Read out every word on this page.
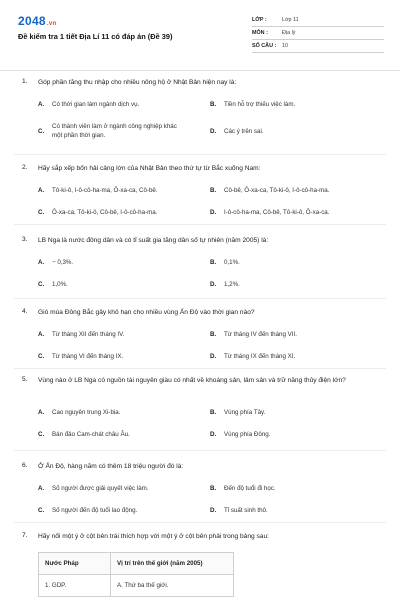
2048.vn
Đề kiểm tra 1 tiết Địa Lí 11 có đáp án (Đề 39)
LỚP :	Lớp 11
MÔN :	Địa lý
SỐ CÂU :	10
1. Góp phần tăng thu nhập cho nhiều nông hộ ở Nhật Bản hiện nay là:
A. Có thời gian làm ngành dịch vụ.	B. Tiền hỗ trợ thiếu việc làm.
C.
Có thành viên làm ở ngành công nghiệp khác một phần thời gian.
D. Các ý trên sai.
2. Hãy sắp xếp bốn hải cảng lớn của Nhật Bản theo thứ tự từ Bắc xuống Nam:
A. Tô-ki-ô, I-ô-cô-ha-ma, Ô-xa-ca, Cô-bê.	B. Cô-bê, Ô-xa-ca, Tô-ki-ô, I-ô-cô-ha-ma.
C. Ô-xa-ca, Tô-ki-ô, Cô-bê, I-ô-cô-ha-ma.	D. I-ô-cô-ha-ma, Cô-bê, Tô-ki-ô, Ô-xa-ca.
3. LB Nga là nước đông dân và có tỉ suất gia tăng dân số tự nhiên (năm 2005) là:
A. − 0,3%.	B. 0,1%.
C. 1,0%.	D. 1,2%.
4. Gió mùa Đông Bắc gây khô hạn cho nhiều vùng Ấn Độ vào thời gian nào?
A. Từ tháng XII đến tháng IV.	B. Từ tháng IV đến tháng VII.
C. Từ tháng VI đến tháng IX.	D. Từ tháng IX đến tháng XI.
5. Vùng nào ở LB Nga có nguồn tài nguyên giàu có nhất về khoáng sản, lâm sản và trữ năng thủy điện lớn?
A. Cao nguyên trung Xi-bia.	B. Vùng phía Tây.
C. Bán đảo Cam-chát châu Âu.	D. Vùng phía Đông.
6. Ở Ấn Độ, hàng năm có thêm 18 triệu người đó là:
A. Số người được giải quyết việc làm.	B. Đến độ tuổi đi học.
C. Số người đến độ tuổi lao động.	D. Tỉ suất sinh thô.
7. Hãy nối một ý ở cột bên trái thích hợp với một ý ở cột bên phải trong bảng sau:
Nước Pháp	Vị trí trên thế giới (năm 2005)
1. GDP.	A. Thứ ba thế giới.
